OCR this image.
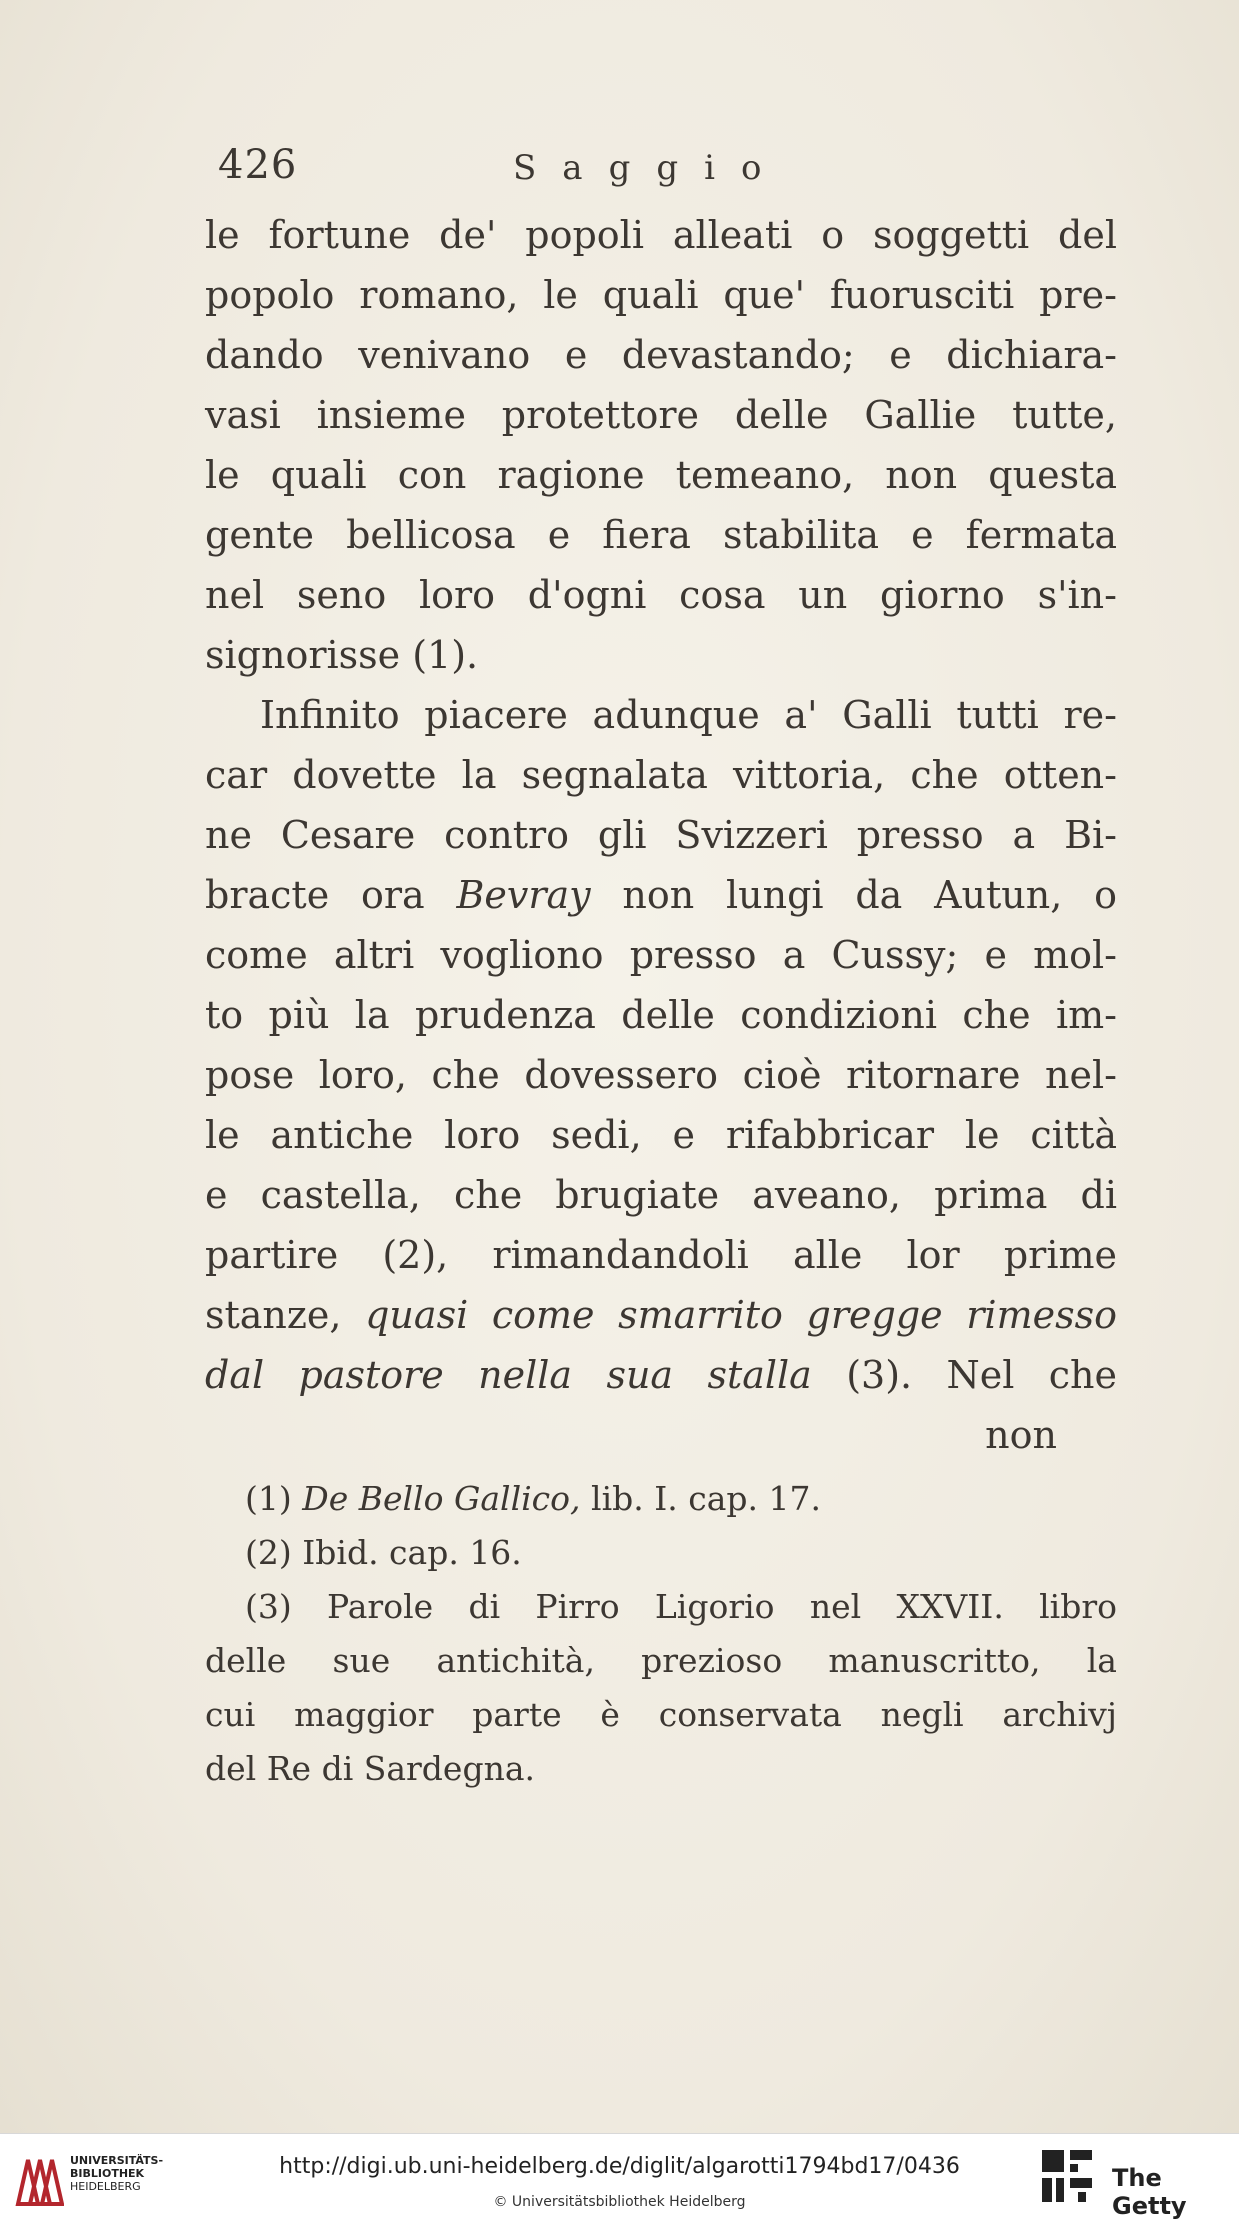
426	Saggio
le fortune de' popoli alleati o soggetti del
popolo romano, le quali que' fuorusciti pre-
dando venivano e devastando; e dichiara-
vasi insieme protettore delle Gallie tutte,
le quali con ragione temeano, non questa
gente bellicosa e fiera stabilita e fermata
nel seno loro d'ogni cosa un giorno s'in-
signorisse (1).
Infinito piacere adunque a' Galli tutti re-
car dovette la segnalata vittoria, che otten-
ne Cesare contro gli Svizzeri presso a Bi-
bracte ora Bevray non lungi da Autun, o
come altri vogliono presso a Cussy; e mol-
to più la prudenza delle condizioni che im-
pose loro, che dovessero cioè ritornare nel-
le antiche loro sedi, e rifabbricar le città
e castella, che brugiate aveano, prima di
partire (2), rimandandoli alle lor prime
stanze, quasi come smarrito gregge rimesso
dal pastore nella sua stalla (3). Nel che
non
(1) De Bello Gallico, lib. I. cap. 17.
(2) Ibid. cap. 16.
(3) Parole di Pirro Ligorio nel XXVII. libro
delle sue antichità, prezioso manuscritto, la
cui maggior parte è conservata negli archivj
del Re di Sardegna.
UNIVERSITÄTS-
BIBLIOTHEK
HEIDELBERG
http://digi.ub.uni-heidelberg.de/diglit/algarotti1794bd17/0436
© Universitätsbibliothek Heidelberg
The Getty
